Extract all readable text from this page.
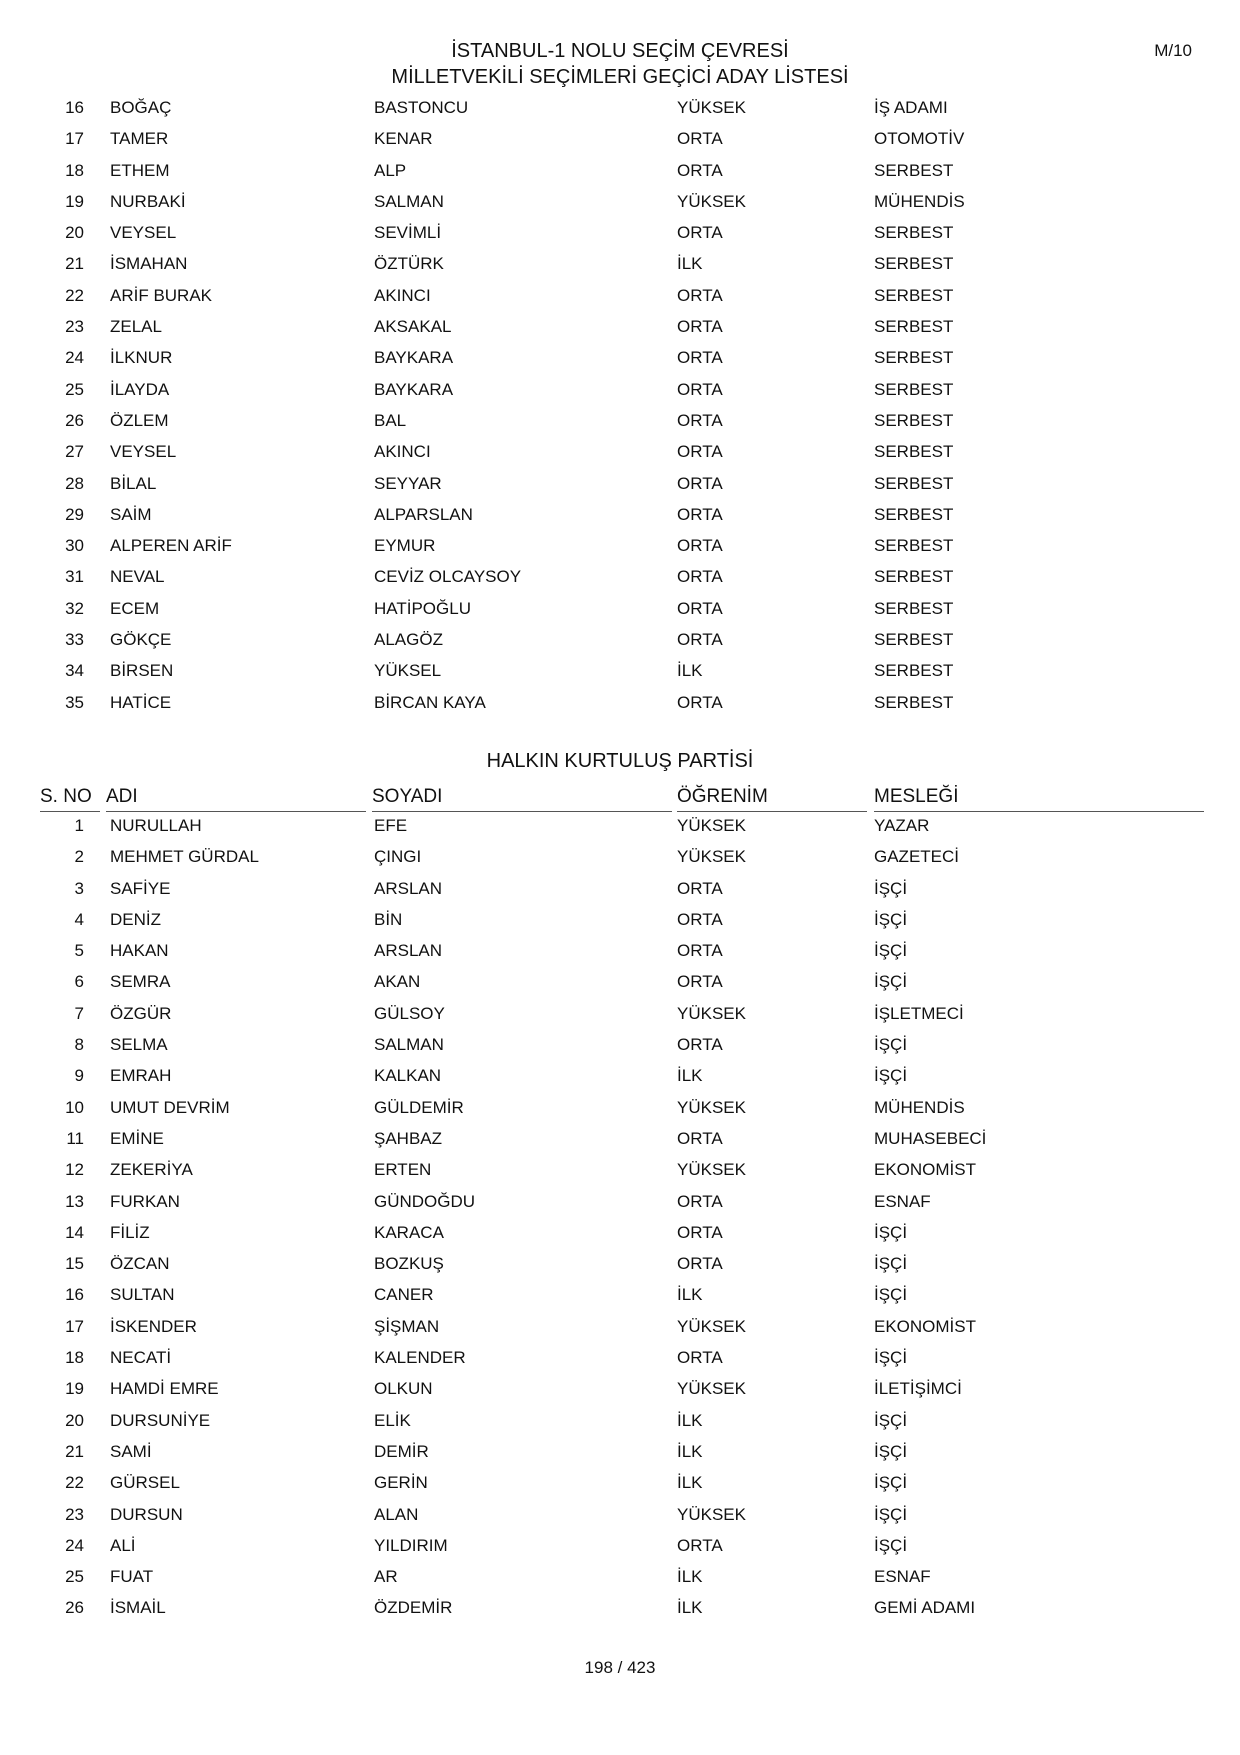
İSTANBUL-1 NOLU SEÇİM ÇEVRESİ
MİLLETVEKİLİ SEÇİMLERİ GEÇİCİ ADAY LİSTESİ
M/10
16 BOĞAÇ	BASTONCU	YÜKSEK	İŞ ADAMI
17 TAMER	KENAR	ORTA	OTOMOTİV
18 ETHEM	ALP	ORTA	SERBEST
19 NURBAKİ	SALMAN	YÜKSEK	MÜHENDİS
20 VEYSEL	SEVİMLİ	ORTA	SERBEST
21 İSMAHAN	ÖZTÜRK	İLK	SERBEST
22 ARİF BURAK	AKINCI	ORTA	SERBEST
23 ZELAL	AKSAKAL	ORTA	SERBEST
24 İLKNUR	BAYKARA	ORTA	SERBEST
25 İLAYDA	BAYKARA	ORTA	SERBEST
26 ÖZLEM	BAL	ORTA	SERBEST
27 VEYSEL	AKINCI	ORTA	SERBEST
28 BİLAL	SEYYAR	ORTA	SERBEST
29 SAİM	ALPARSLAN	ORTA	SERBEST
30 ALPEREN ARİF	EYMUR	ORTA	SERBEST
31 NEVAL	CEVİZ OLCAYSOY	ORTA	SERBEST
32 ECEM	HATİPOĞLU	ORTA	SERBEST
33 GÖKÇE	ALAGÖZ	ORTA	SERBEST
34 BİRSEN	YÜKSEL	İLK	SERBEST
35 HATİCE	BİRCAN KAYA	ORTA	SERBEST
HALKIN KURTULUŞ PARTİSİ
S. NO ADI	SOYADI	ÖĞRENİM	MESLEĞİ
1 NURULLAH	EFE	YÜKSEK	YAZAR
2 MEHMET GÜRDAL	ÇINGI	YÜKSEK	GAZETECİ
3 SAFİYE	ARSLAN	ORTA	İŞÇİ
4 DENİZ	BİN	ORTA	İŞÇİ
5 HAKAN	ARSLAN	ORTA	İŞÇİ
6 SEMRA	AKAN	ORTA	İŞÇİ
7 ÖZGÜR	GÜLSOY	YÜKSEK	İŞLETMECİ
8 SELMA	SALMAN	ORTA	İŞÇİ
9 EMRAH	KALKAN	İLK	İŞÇİ
10 UMUT DEVRİM	GÜLDEMİR	YÜKSEK	MÜHENDİS
11 EMİNE	ŞAHBAZ	ORTA	MUHASEBECİ
12 ZEKERİYA	ERTEN	YÜKSEK	EKONOMİST
13 FURKAN	GÜNDOĞDU	ORTA	ESNAF
14 FİLİZ	KARACA	ORTA	İŞÇİ
15 ÖZCAN	BOZKUŞ	ORTA	İŞÇİ
16 SULTAN	CANER	İLK	İŞÇİ
17 İSKENDER	ŞİŞMAN	YÜKSEK	EKONOMİST
18 NECATİ	KALENDER	ORTA	İŞÇİ
19 HAMDİ EMRE	OLKUN	YÜKSEK	İLETİŞİMCİ
20 DURSUNİYE	ELİK	İLK	İŞÇİ
21 SAMİ	DEMİR	İLK	İŞÇİ
22 GÜRSEL	GERİN	İLK	İŞÇİ
23 DURSUN	ALAN	YÜKSEK	İŞÇİ
24 ALİ	YILDIRIM	ORTA	İŞÇİ
25 FUAT	AR	İLK	ESNAF
26 İSMAİL	ÖZDEMİR	İLK	GEMİ ADAMI
198 / 423
